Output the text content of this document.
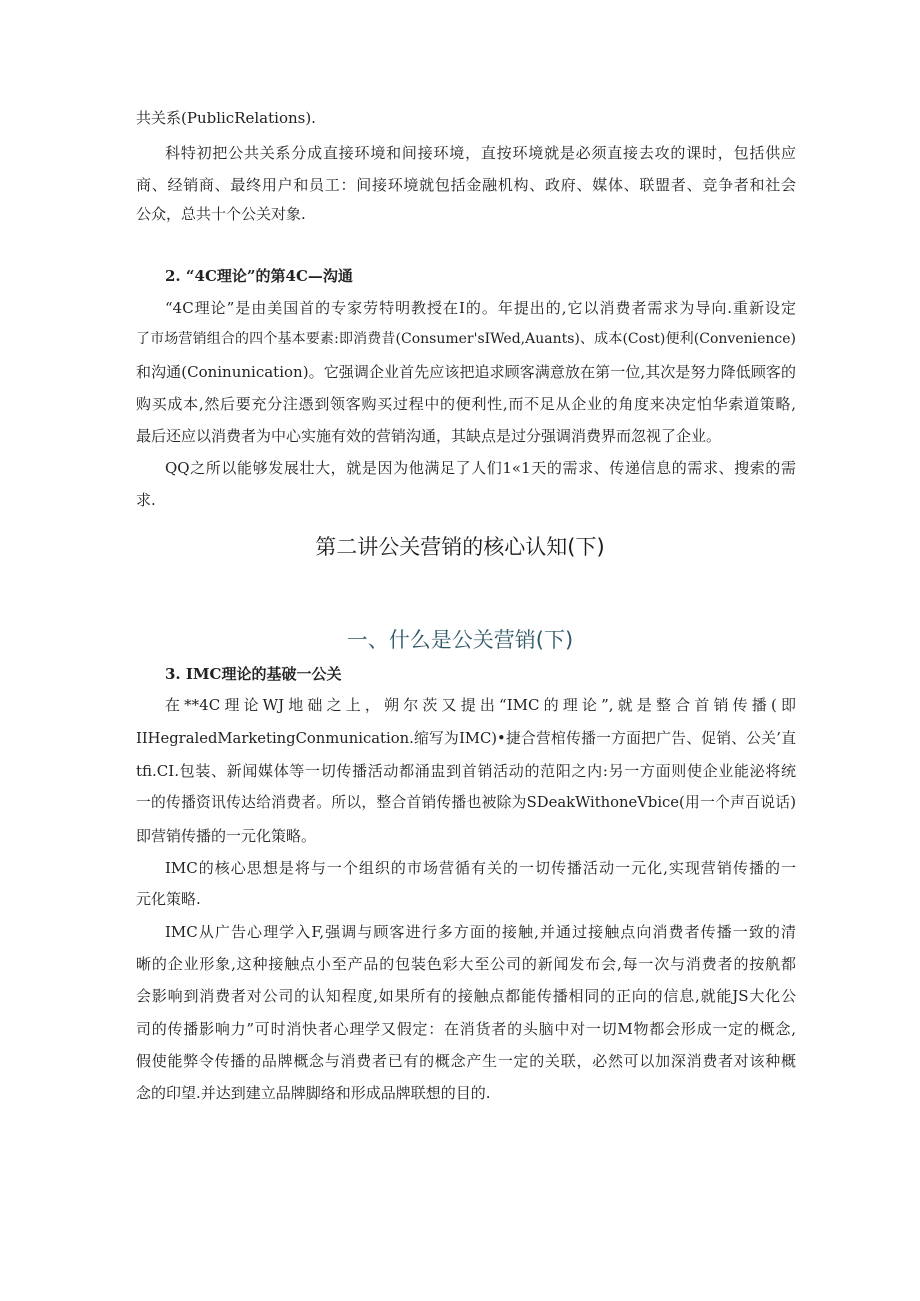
共关系(PublicRelations).
科特初把公共关系分成直接环境和间接环境，直按环境就是必须直接去攻的课时，包括供应
商、经销商、最终用户和员工：间接环境就包括金融机构、政府、媒体、联盟者、竞争者和社会
公众，总共十个公关对象.
2. “4C理论”的第4C—沟通
“4C理论”是由美国首的专家劳特明教授在I的。年提出的,它以消费者需求为导向.重新设定
了市场营销组合的四个基本要素:即消费昔(Consumer'sIWed,Auants)、成本(Cost)便利(Convenience)
和沟通(Coninunication)。它强调企业首先应该把追求顾客满意放在第一位,其次是努力降低顾客的
购买成本,然后要充分注憑到领客购买过程中的便利性,而不足从企业的角度来决定怕华索道策略,
最后还应以消费者为中心实施有效的营销沟通，其缺点是过分强调消费界而忽视了企业。
QQ之所以能够发展壮大，就是因为他满足了人们1«1天的需求、传递信息的需求、搜索的需
求.
第二讲公关营销的核心认知(下)
一、什么是公关营销(下)
3. IMC理论的基破一公关
在**4C理论WJ地础之上，朔尔茨又提出“IMC的理论”,就是整合首销传播(即
IIHegraledMarketingConmunication.缩写为IMC)•捷合营棺传播一方面把广告、促销、公关’直
tfi.CI.包装、新闻媒体等一切传播活动都涌盅到首销活动的范阳之内:另一方面则使企业能泌将统
一的传播资讯传达给消费者。所以，整合首销传播也被除为SDeakWithoneVbice(用一个声百说话)
即营销传播的一元化策略。
IMC的核心思想是将与一个组织的市场营循有关的一切传播活动一元化,实现营销传播的一
元化策略.
IMC从广告心理学入F,强调与顾客进行多方面的接触,并通过接触点向消费者传播一致的清
晰的企业形象,这种接触点小至产品的包装色彩大至公司的新闻发布会,每一次与消费者的按舧都
会影响到消费者对公司的认知程度,如果所有的接触点都能传播相同的正向的信息,就能JS大化公
司的传播影响力”可时消快者心理学又假定：在消货者的头脑中对一切M物都会形成一定的概念,
假使能弊令传播的品牌概念与消费者已有的概念产生一定的关联，必然可以加深消费者对该种概
念的印望.并达到建立品牌脚络和形成品牌联想的目的.
